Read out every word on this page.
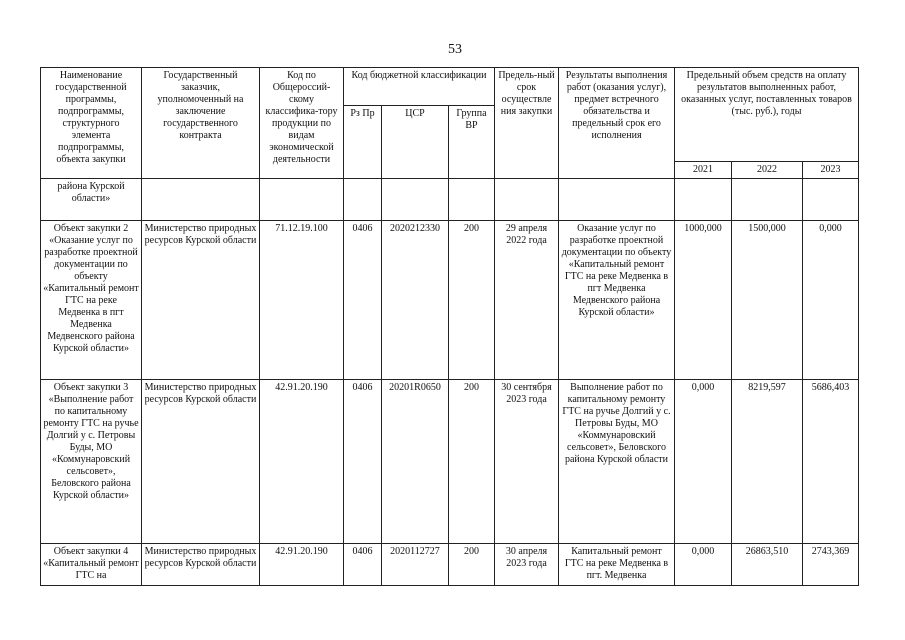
53
Наименование государственной программы, подпрограммы, структурного элемента подпрограммы, объекта закупки	Государственный заказчик, уполномоченный на заключение государственного контракта	Код по Общероссий-скому классифика-тору продукции по видам экономической деятельности	Код бюджетной классификации			Предель-ный срок осуществле ния закупки	Результаты выполнения работ (оказания услуг), предмет встречного обязательства и предельный срок его исполнения	Предельный объем средств на оплату результатов выполненных работ, оказанных услуг, поставленных товаров (тыс. руб.), годы		
			Рз Пр	ЦСР	Группа ВР					
								2021	2022	2023
района Курской области»										
Объект закупки 2 «Оказание услуг по разработке проектной документации по объекту «Капитальный ремонт ГТС на реке Медвенка в пгт Медвенка Медвенского района Курской области»	Министерство природных ресурсов Курской области	71.12.19.100	0406	2020212330	200	29 апреля 2022 года	Оказание услуг по разработке проектной документации по объекту «Капитальный ремонт ГТС на реке Медвенка в пгт Медвенка Медвенского района Курской области»	1000,000	1500,000	0,000
Объект закупки 3 «Выполнение работ по капитальному ремонту ГТС на ручье Долгий у с. Петровы Буды, МО «Коммунаровский сельсовет», Беловского района Курской области»	Министерство природных ресурсов Курской области	42.91.20.190	0406	20201R0650	200	30 сентября 2023 года	Выполнение работ по капитальному ремонту ГТС на ручье Долгий у с. Петровы Буды, МО «Коммунаровский сельсовет», Беловского района Курской области	0,000	8219,597	5686,403
Объект закупки 4 «Капитальный ремонт ГТС на	Министерство природных ресурсов Курской области	42.91.20.190	0406	2020112727	200	30 апреля 2023 года	Капитальный ремонт ГТС на реке Медвенка в пгт. Медвенка	0,000	26863,510	2743,369
